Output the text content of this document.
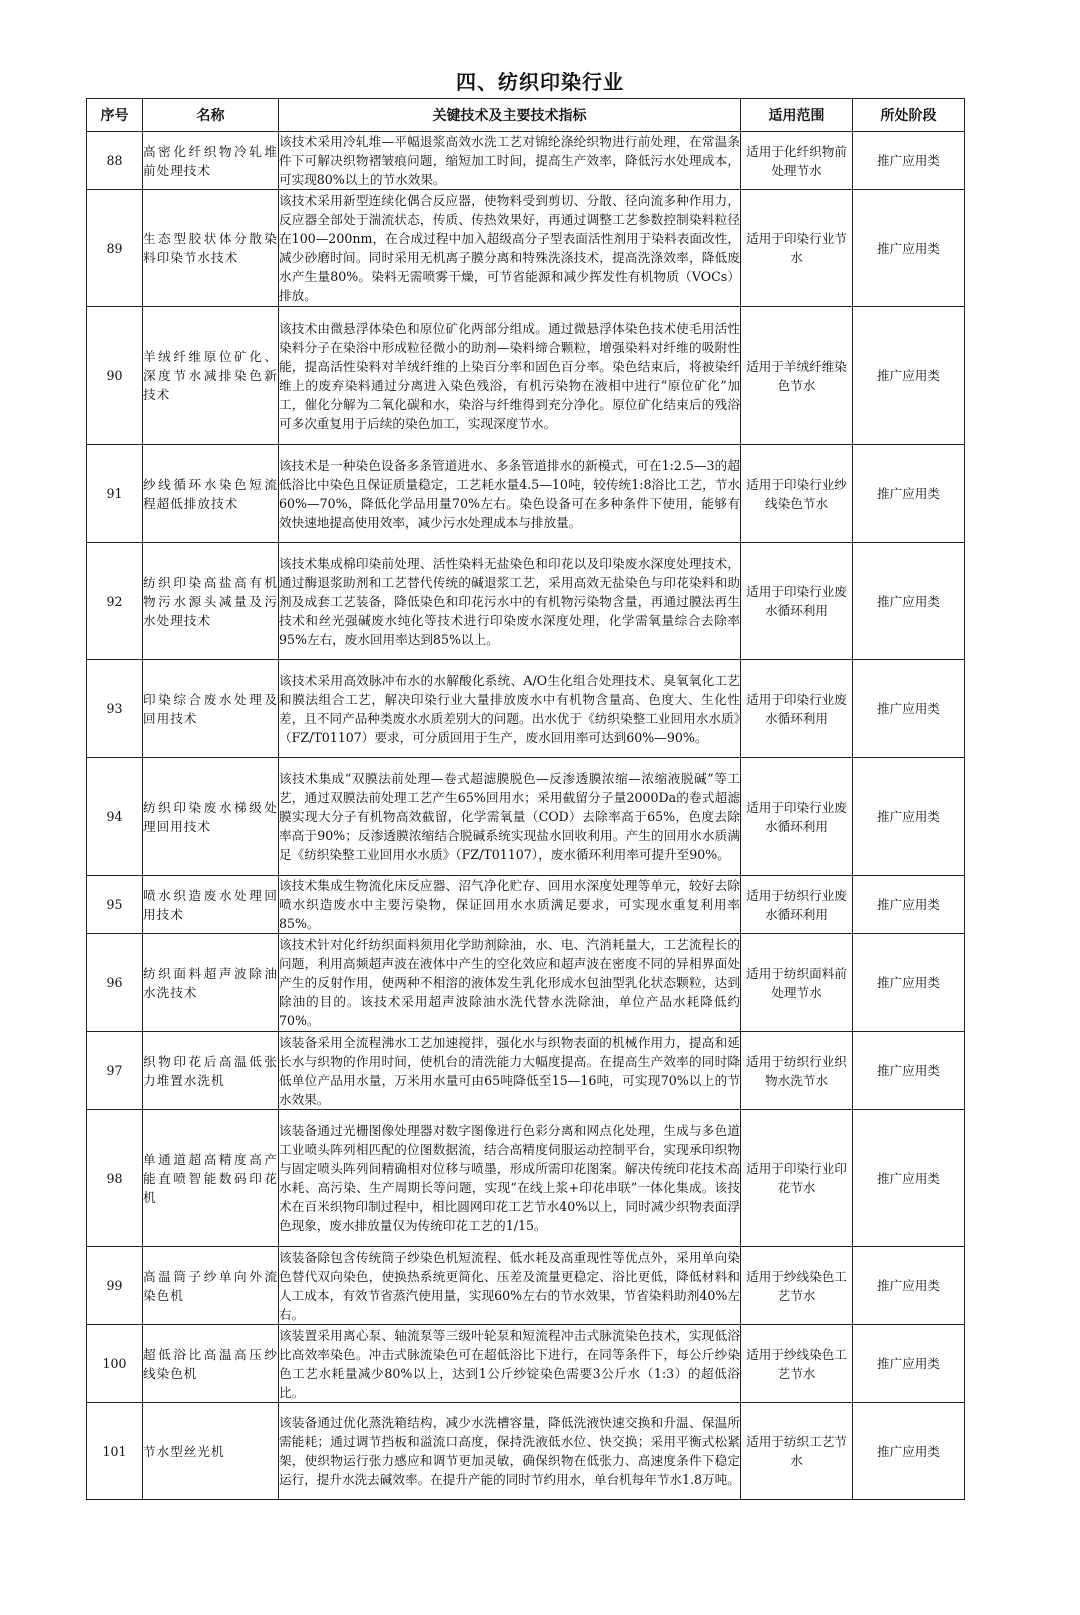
四、纺织印染行业
序号	名称	关键技术及主要技术指标	适用范围	所处阶段
88	高密化纤织物冷轧堆前处理技术	该技术采用冷轧堆—平幅退浆高效水洗工艺对锦纶涤纶织物进行前处理，在常温条件下可解决织物褶皱痕问题，缩短加工时间，提高生产效率，降低污水处理成本，可实现80%以上的节水效果。	适用于化纤织物前处理节水	推广应用类
89	生态型胶状体分散染料印染节水技术	该技术采用新型连续化偶合反应器，使物料受到剪切、分散、径向流多种作用力，反应器全部处于湍流状态，传质、传热效果好，再通过调整工艺参数控制染料粒径在100—200nm，在合成过程中加入超级高分子型表面活性剂用于染料表面改性，减少砂磨时间。同时采用无机离子膜分离和特殊洗涤技术，提高洗涤效率，降低废水产生量80%。染料无需喷雾干燥，可节省能源和减少挥发性有机物质（VOCs）排放。	适用于印染行业节水	推广应用类
90	羊绒纤维原位矿化、深度节水减排染色新技术	该技术由微悬浮体染色和原位矿化两部分组成。通过微悬浮体染色技术使毛用活性染料分子在染浴中形成粒径微小的助剂—染料缔合颗粒，增强染料对纤维的吸附性能，提高活性染料对羊绒纤维的上染百分率和固色百分率。染色结束后，将被染纤维上的废弃染料通过分离进入染色残浴，有机污染物在液相中进行“原位矿化”加工，催化分解为二氧化碳和水，染浴与纤维得到充分净化。原位矿化结束后的残浴可多次重复用于后续的染色加工，实现深度节水。	适用于羊绒纤维染色节水	推广应用类
91	纱线循环水染色短流程超低排放技术	该技术是一种染色设备多条管道进水、多条管道排水的新模式，可在1:2.5—3的超低浴比中染色且保证质量稳定，工艺耗水量4.5—10吨，较传统1:8浴比工艺，节水60%—70%，降低化学品用量70%左右。染色设备可在多种条件下使用，能够有效快速地提高使用效率，减少污水处理成本与排放量。	适用于印染行业纱线染色节水	推广应用类
92	纺织印染高盐高有机物污水源头减量及污水处理技术	该技术集成棉印染前处理、活性染料无盐染色和印花以及印染废水深度处理技术，通过酶退浆助剂和工艺替代传统的碱退浆工艺，采用高效无盐染色与印花染料和助剂及成套工艺装备，降低染色和印花污水中的有机物污染物含量，再通过膜法再生技术和丝光强碱废水纯化等技术进行印染废水深度处理，化学需氧量综合去除率95%左右，废水回用率达到85%以上。	适用于印染行业废水循环利用	推广应用类
93	印染综合废水处理及回用技术	该技术采用高效脉冲布水的水解酸化系统、A/O生化组合处理技术、臭氧氧化工艺和膜法组合工艺，解决印染行业大量排放废水中有机物含量高、色度大、生化性差，且不同产品种类废水水质差别大的问题。出水优于《纺织染整工业回用水水质》（FZ/T01107）要求，可分质回用于生产，废水回用率可达到60%—90%。	适用于印染行业废水循环利用	推广应用类
94	纺织印染废水梯级处理回用技术	该技术集成“双膜法前处理—卷式超滤膜脱色—反渗透膜浓缩—浓缩液脱碱”等工艺，通过双膜法前处理工艺产生65%回用水；采用截留分子量2000Da的卷式超滤膜实现大分子有机物高效截留，化学需氧量（COD）去除率高于65%，色度去除率高于90%；反渗透膜浓缩结合脱碱系统实现盐水回收利用。产生的回用水水质满足《纺织染整工业回用水水质》（FZ/T01107），废水循环利用率可提升至90%。	适用于印染行业废水循环利用	推广应用类
95	喷水织造废水处理回用技术	该技术集成生物流化床反应器、沼气净化贮存、回用水深度处理等单元，较好去除喷水织造废水中主要污染物，保证回用水水质满足要求，可实现水重复利用率85%。	适用于纺织行业废水循环利用	推广应用类
96	纺织面料超声波除油水洗技术	该技术针对化纤纺织面料须用化学助剂除油，水、电、汽消耗量大，工艺流程长的问题，利用高频超声波在液体中产生的空化效应和超声波在密度不同的异相界面处产生的反射作用，使两种不相溶的液体发生乳化形成水包油型乳化状态颗粒，达到除油的目的。该技术采用超声波除油水洗代替水洗除油，单位产品水耗降低约70%。	适用于纺织面料前处理节水	推广应用类
97	织物印花后高温低张力堆置水洗机	该装备采用全流程沸水工艺加速搅拌，强化水与织物表面的机械作用力，提高和延长水与织物的作用时间，使机台的清洗能力大幅度提高。在提高生产效率的同时降低单位产品用水量，万米用水量可由65吨降低至15—16吨，可实现70%以上的节水效果。	适用于纺织行业织物水洗节水	推广应用类
98	单通道超高精度高产能直喷智能数码印花机	该装备通过光栅图像处理器对数字图像进行色彩分离和网点化处理，生成与多色道工业喷头阵列相匹配的位图数据流，结合高精度伺服运动控制平台，实现承印织物与固定喷头阵列间精确相对位移与喷墨，形成所需印花图案。解决传统印花技术高水耗、高污染、生产周期长等问题，实现“在线上浆+印花串联”一体化集成。该技术在百米织物印制过程中，相比圆网印花工艺节水40%以上，同时减少织物表面浮色现象，废水排放量仅为传统印花工艺的1/15。	适用于印染行业印花节水	推广应用类
99	高温筒子纱单向外流染色机	该装备除包含传统筒子纱染色机短流程、低水耗及高重现性等优点外，采用单向染色替代双向染色，使换热系统更简化、压差及流量更稳定、浴比更低，降低材料和人工成本，有效节省蒸汽使用量，实现60%左右的节水效果，节省染料助剂40%左右。	适用于纱线染色工艺节水	推广应用类
100	超低浴比高温高压纱线染色机	该装置采用离心泵、轴流泵等三级叶轮泵和短流程冲击式脉流染色技术，实现低浴比高效率染色。冲击式脉流染色可在超低浴比下进行，在同等条件下，每公斤纱染色工艺水耗量减少80%以上，达到1公斤纱锭染色需要3公斤水（1:3）的超低浴比。	适用于纱线染色工艺节水	推广应用类
101	节水型丝光机	该装备通过优化蒸洗箱结构，减少水洗槽容量，降低洗液快速交换和升温、保温所需能耗；通过调节挡板和溢流口高度，保持洗液低水位、快交换；采用平衡式松紧架，使织物运行张力感应和调节更加灵敏，确保织物在低张力、高速度条件下稳定运行，提升水洗去碱效率。在提升产能的同时节约用水，单台机每年节水1.8万吨。	适用于纺织工艺节水	推广应用类
